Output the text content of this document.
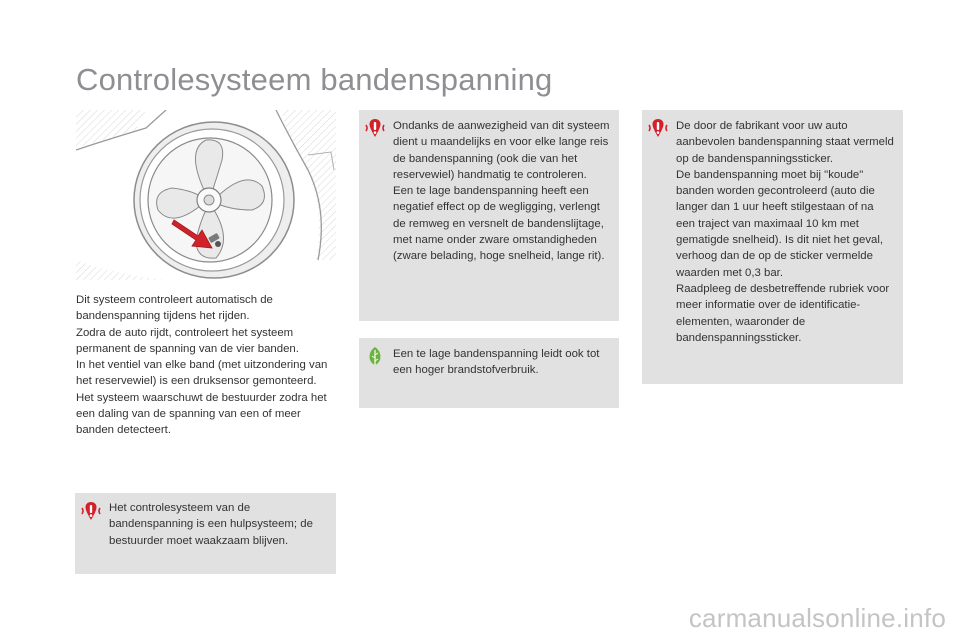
Controlesysteem bandenspanning

Dit systeem controleert automatisch de bandenspanning tijdens het rijden.

Zodra de auto rijdt, controleert het systeem permanent de spanning van de vier banden.

In het ventiel van elke band (met uitzondering van het reservewiel) is een druksensor gemonteerd.

Het systeem waarschuwt de bestuurder zodra het een daling van de spanning van een of meer banden detecteert.

Het controlesysteem van de bandenspanning is een hulpsysteem; de bestuurder moet waakzaam blijven.

Ondanks de aanwezigheid van dit systeem dient u maandelijks en voor elke lange reis de bandenspanning (ook die van het reservewiel) handmatig te controleren.

Een te lage bandenspanning heeft een negatief effect op de wegligging, verlengt de remweg en versnelt de bandenslijtage, met name onder zware omstandigheden (zware belading, hoge snelheid, lange rit).

Een te lage bandenspanning leidt ook tot een hoger brandstofverbruik.

De door de fabrikant voor uw auto aanbevolen bandenspanning staat vermeld op de bandenspanningssticker.

De bandenspanning moet bij "koude" banden worden gecontroleerd (auto die langer dan 1 uur heeft stilgestaan of na een traject van maximaal 10 km met gematigde snelheid). Is dit niet het geval, verhoog dan de op de sticker vermelde waarden met 0,3 bar.

Raadpleeg de desbetreffende rubriek voor meer informatie over de identificatie-elementen, waaronder de bandenspanningssticker.

carmanualsonline.info
